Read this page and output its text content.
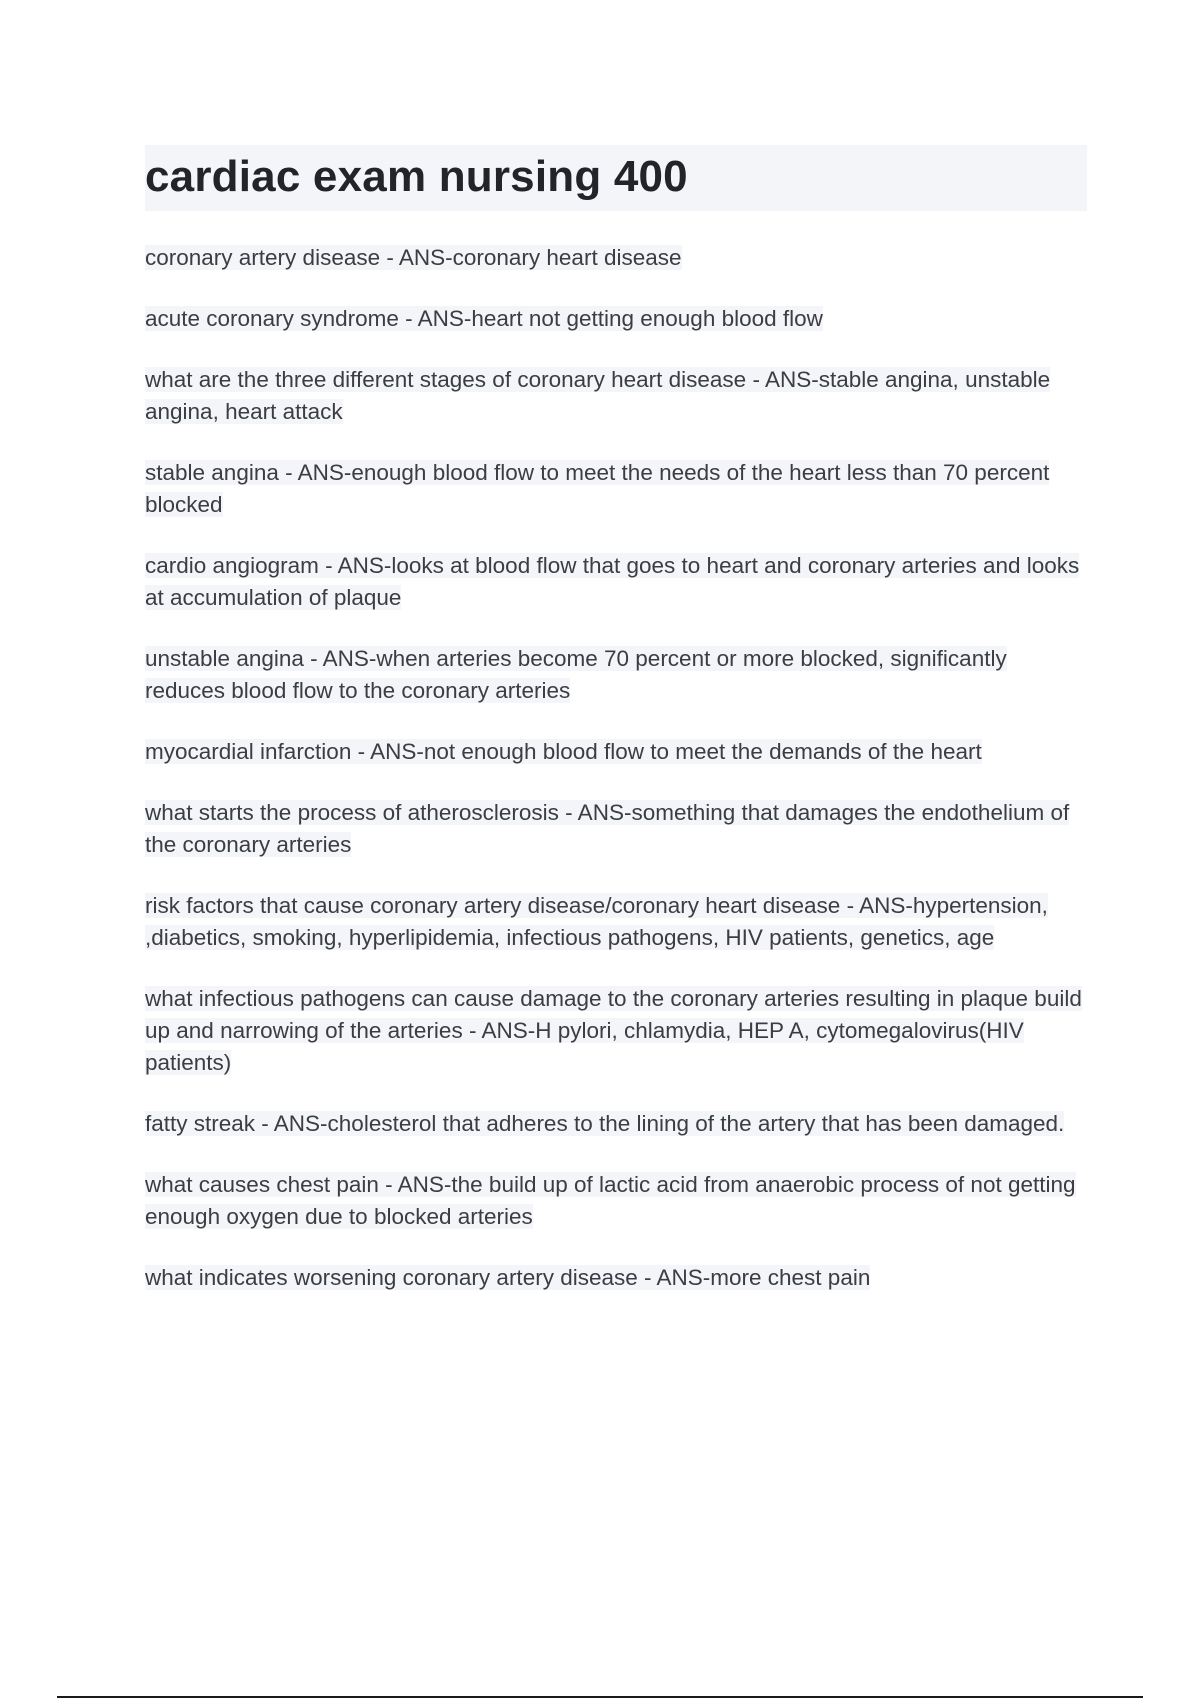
cardiac exam nursing 400

coronary artery disease - ANS-coronary heart disease

acute coronary syndrome - ANS-heart not getting enough blood flow

what are the three different stages of coronary heart disease - ANS-stable angina, unstable angina, heart attack

stable angina - ANS-enough blood flow to meet the needs of the heart less than 70 percent blocked

cardio angiogram - ANS-looks at blood flow that goes to heart and coronary arteries and looks at accumulation of plaque

unstable angina - ANS-when arteries become 70 percent or more blocked, significantly reduces blood flow to the coronary arteries

myocardial infarction - ANS-not enough blood flow to meet the demands of the heart

what starts the process of atherosclerosis - ANS-something that damages the endothelium of the coronary arteries

risk factors that cause coronary artery disease/coronary heart disease - ANS-hypertension, ,diabetics, smoking, hyperlipidemia, infectious pathogens, HIV patients, genetics, age

what infectious pathogens can cause damage to the coronary arteries resulting in plaque build up and narrowing of the arteries - ANS-H pylori, chlamydia, HEP A, cytomegalovirus(HIV patients)

fatty streak - ANS-cholesterol that adheres to the lining of the artery that has been damaged.

what causes chest pain - ANS-the build up of lactic acid from anaerobic process of not getting enough oxygen due to blocked arteries

what indicates worsening coronary artery disease - ANS-more chest pain
